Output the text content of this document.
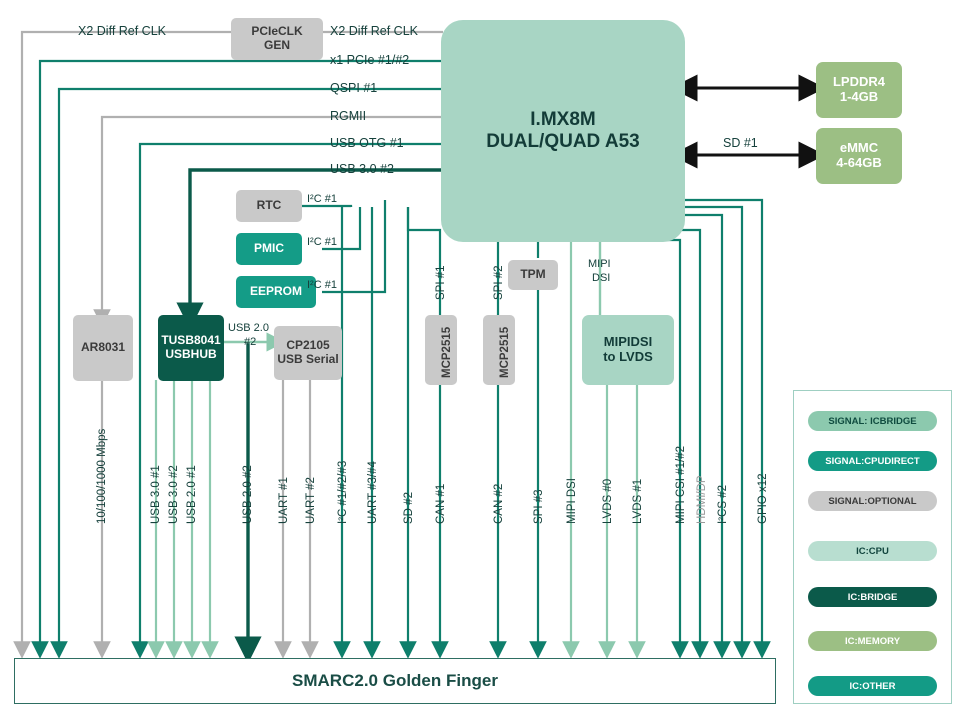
I.MX8M
DUAL/QUAD A53
PCIeCLK
GEN
LPDDR4
1-4GB
eMMC
4-64GB
RTC
PMIC
EEPROM
AR8031	TUSB8041
USBHUB
CP2105
USB Serial	MCP2515	MCP2515
TPM
MIPIDSI
to LVDS
SMARC2.0 Golden Finger
X2 Diff Ref CLK	X2 Diff Ref CLK
x1 PCIe #1/#2
QSPI #1
RGMII
USB OTG #1
USB 3.0 #2
I²C #1
I²C #1
I²C #1
USB 2.0
#2
SD #1
SPI #1	SPI #2
MIPI
DSI
10/100/1000 Mbps	USB 3.0 #1 USB 3.0 #2 USB 2.0 #1	USB 2.0 #2 UART #1 UART #2 I²C #1/#2/#3 UART #3/#4 SD #2 CAN #1	CAN #2 SPI #3 MIPI DSI LVDS #0 LVDS #1	MIPI CSI #1/#2 HDMI/DP I²CS #2 GPIO x12
SIGNAL: ICBRIDGE
SIGNAL:CPUDIRECT
SIGNAL:OPTIONAL
IC:CPU
IC:BRIDGE
IC:MEMORY
IC:OTHER
